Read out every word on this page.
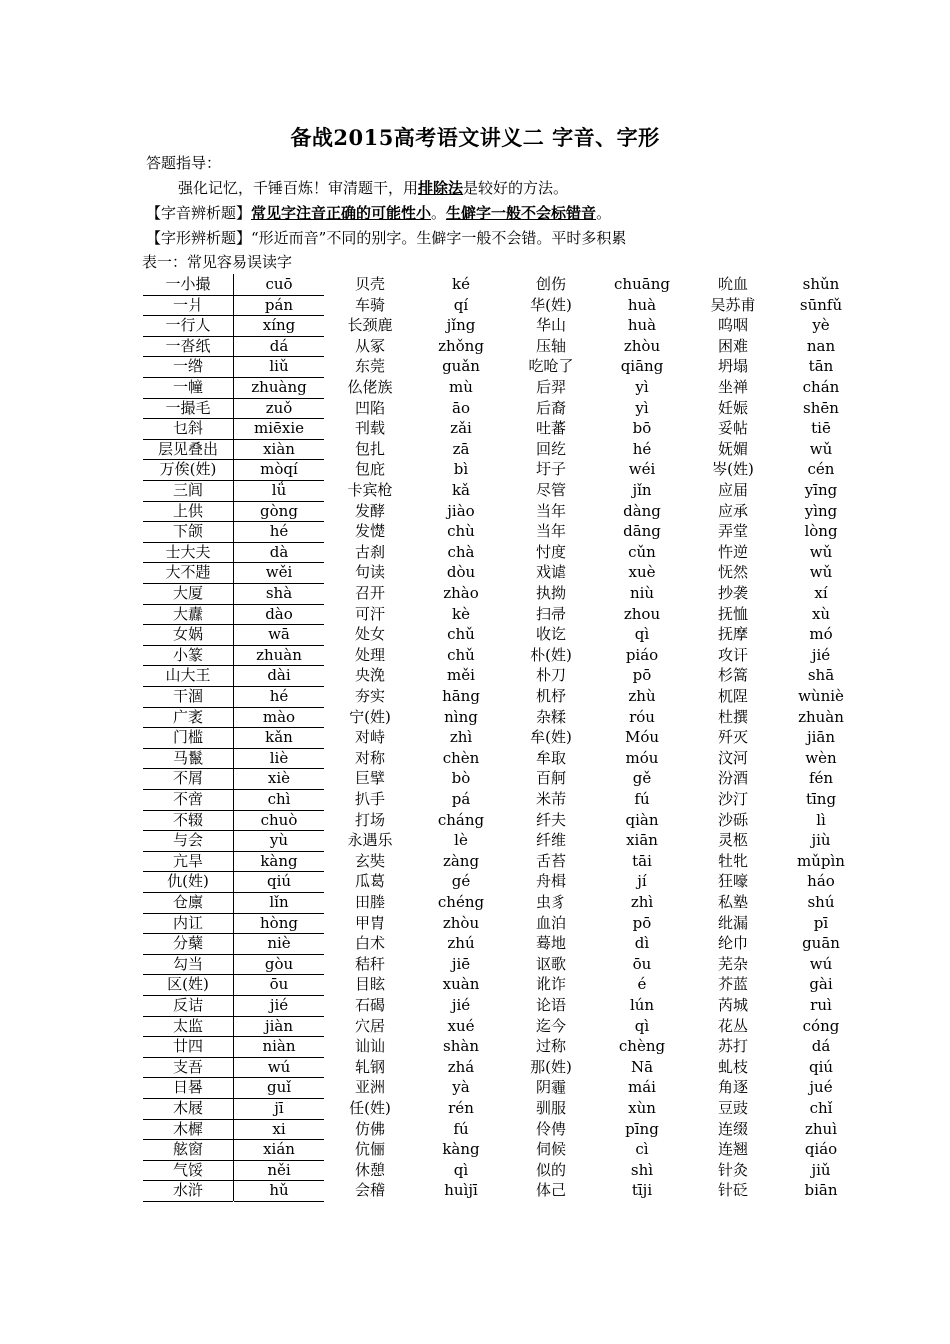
备战2015高考语文讲义二 字音、字形
答题指导：
强化记忆，千锤百炼！审清题干，用排除法是较好的方法。
【字音辨析题】常见字注音正确的可能性小。生僻字一般不会标错音。
【字形辨析题】“形近而音”不同的别字。生僻字一般不会错。平时多积累
表一：常见容易误读字
一小撮	cuō	贝壳	ké	创伤	chuāng	吮血	shǔn
一爿	pán	车骑	qí	华(姓)	huà	吴苏甫	sūnfǔ
一行人	xíng	长颈鹿	jǐng	华山	huà	呜咽	yè
一沓纸	dá	从冢	zhǒng	压轴	zhòu	困难	nan
一绺	liǔ	东莞	guǎn	吃呛了	qiāng	坍塌	tān
一幢	zhuàng	仫佬族	mù	后羿	yì	坐禅	chán
一撮毛	zuǒ	凹陷	āo	后裔	yì	妊娠	shēn
乜斜	miēxie	刊载	zǎi	吐蕃	bō	妥帖	tiē
层见叠出	xiàn	包扎	zā	回纥	hé	妩媚	wǔ
万俟(姓)	mòqí	包庇	bì	圩子	wéi	岑(姓)	cén
三闾	lǘ	卡宾枪	kǎ	尽管	jǐn	应届	yīng
上供	gòng	发酵	jiào	当年	dàng	应承	yìng
下颌	hé	发憷	chù	当年	dāng	弄堂	lòng
士大夫	dà	古刹	chà	忖度	cǔn	忤逆	wǔ
大不韪	wěi	句读	dòu	戏谑	xuè	怃然	wǔ
大厦	shà	召开	zhào	执拗	niù	抄袭	xí
大纛	dào	可汗	kè	扫帚	zhou	抚恤	xù
女娲	wā	处女	chǔ	收讫	qì	抚摩	mó
小篆	zhuàn	处理	chǔ	朴(姓)	piáo	攻讦	jié
山大王	dài	央浼	měi	朴刀	pō	杉篙	shā
干涸	hé	夯实	hāng	机杼	zhù	杌陧	wùniè
广袤	mào	宁(姓)	nìng	杂糅	róu	杜撰	zhuàn
门槛	kǎn	对峙	zhì	牟(姓)	Móu	歼灭	jiān
马鬣	liè	对称	chèn	牟取	móu	汶河	wèn
不屑	xiè	巨擘	bò	百舸	gě	汾酒	fén
不啻	chì	扒手	pá	米芾	fú	沙汀	tīng
不辍	chuò	打场	cháng	纤夫	qiàn	沙砾	lì
与会	yù	永遇乐	lè	纤维	xiān	灵柩	jiù
亢旱	kàng	玄奘	zàng	舌苔	tāi	牡牝	mǔpìn
仇(姓)	qiú	瓜葛	gé	舟楫	jí	狂嚎	háo
仓廪	lǐn	田塍	chéng	虫豸	zhì	私塾	shú
内讧	hòng	甲胄	zhòu	血泊	pō	纰漏	pī
分蘖	niè	白术	zhú	蓦地	dì	纶巾	guān
勾当	gòu	秸秆	jiē	讴歌	ōu	芜杂	wú
区(姓)	ōu	目眩	xuàn	讹诈	é	芥蓝	gài
反诘	jié	石碣	jié	论语	lún	芮城	ruì
太监	jiàn	穴居	xué	迄今	qì	花丛	cóng
廿四	niàn	讪讪	shàn	过称	chèng	苏打	dá
支吾	wú	轧钢	zhá	那(姓)	Nā	虬枝	qiú
日晷	guǐ	亚洲	yà	阴霾	mái	角逐	jué
木屐	jī	任(姓)	rén	驯服	xùn	豆豉	chǐ
木樨	xi	仿佛	fú	伶俜	pīng	连缀	zhuì
舷窗	xián	伉俪	kàng	伺候	cì	连翘	qiáo
气馁	něi	休憩	qì	似的	shì	针灸	jiǔ
水浒	hǔ	会稽	huìjī	体己	tīji	针砭	biān
